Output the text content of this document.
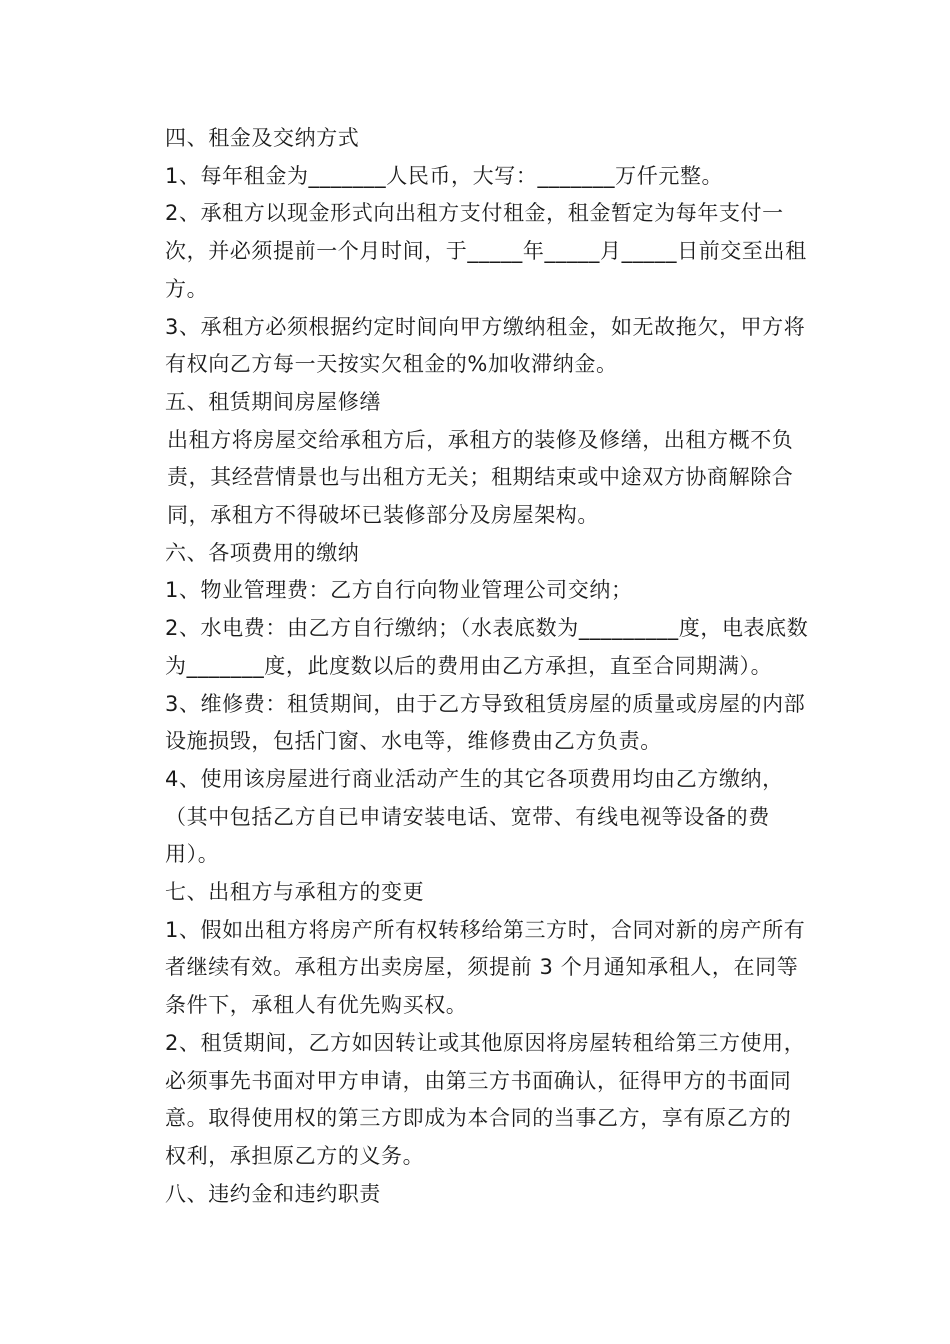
四、租金及交纳方式

1、每年租金为_______人民币，大写：_______万仟元整。

2、承租方以现金形式向出租方支付租金，租金暂定为每年支付一次，并必须提前一个月时间，于_____年_____月_____日前交至出租方。

3、承租方必须根据约定时间向甲方缴纳租金，如无故拖欠，甲方将有权向乙方每一天按实欠租金的%加收滞纳金。

五、租赁期间房屋修缮

出租方将房屋交给承租方后，承租方的装修及修缮，出租方概不负责，其经营情景也与出租方无关；租期结束或中途双方协商解除合同，承租方不得破坏已装修部分及房屋架构。

六、各项费用的缴纳

1、物业管理费：乙方自行向物业管理公司交纳；

2、水电费：由乙方自行缴纳；（水表底数为_________度，电表底数为_______度，此度数以后的费用由乙方承担，直至合同期满）。

3、维修费：租赁期间，由于乙方导致租赁房屋的质量或房屋的内部设施损毁，包括门窗、水电等，维修费由乙方负责。

4、使用该房屋进行商业活动产生的其它各项费用均由乙方缴纳，（其中包括乙方自已申请安装电话、宽带、有线电视等设备的费用）。

七、出租方与承租方的变更

1、假如出租方将房产所有权转移给第三方时，合同对新的房产所有者继续有效。承租方出卖房屋，须提前 3 个月通知承租人，在同等条件下，承租人有优先购买权。

2、租赁期间，乙方如因转让或其他原因将房屋转租给第三方使用，必须事先书面对甲方申请，由第三方书面确认，征得甲方的书面同意。取得使用权的第三方即成为本合同的当事乙方，享有原乙方的权利，承担原乙方的义务。

八、违约金和违约职责
